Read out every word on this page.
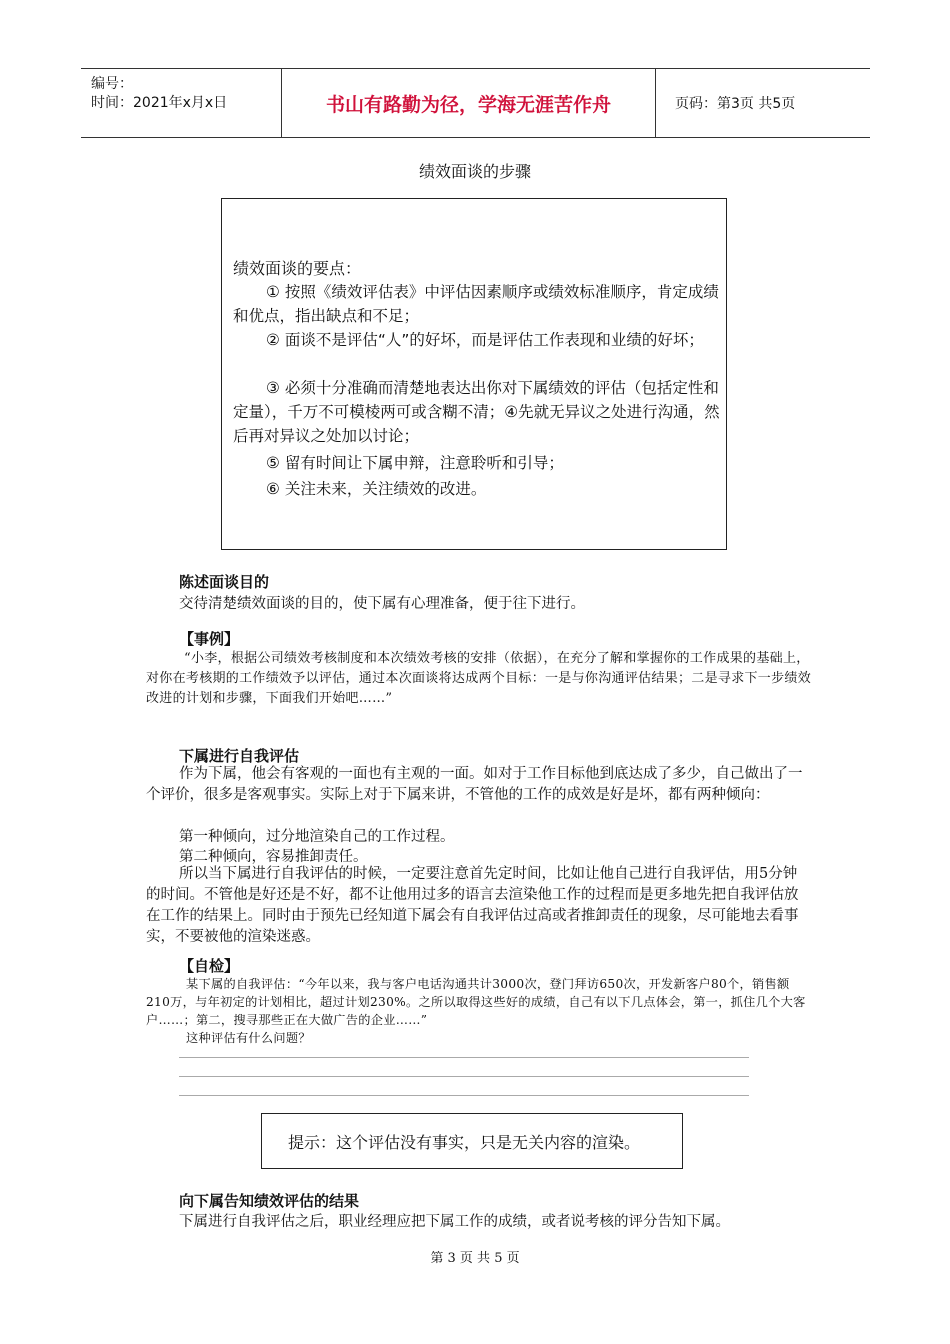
编号：
时间：2021年x月x日	书山有路勤为径，学海无涯苦作舟	页码：第3页 共5页
绩效面谈的步骤
绩效面谈的要点：

① 按照《绩效评估表》中评估因素顺序或绩效标准顺序，肯定成绩和优点，指出缺点和不足；

② 面谈不是评估“人”的好坏，而是评估工作表现和业绩的好坏；

③ 必须十分准确而清楚地表达出你对下属绩效的评估（包括定性和定量），千万不可模棱两可或含糊不清；④先就无异议之处进行沟通，然后再对异议之处加以讨论；

⑤ 留有时间让下属申辩，注意聆听和引导；

⑥ 关注未来，关注绩效的改进。

陈述面谈目的
交待清楚绩效面谈的目的，使下属有心理准备，便于往下进行。
【事例】

“小李，根据公司绩效考核制度和本次绩效考核的安排（依据），在充分了解和掌握你的工作成果的基础上，对你在考核期的工作绩效予以评估，通过本次面谈将达成两个目标：一是与你沟通评估结果；二是寻求下一步绩效改进的计划和步骤，下面我们开始吧……”

下属进行自我评估

作为下属，他会有客观的一面也有主观的一面。如对于工作目标他到底达成了多少，自己做出了一个评价，很多是客观事实。实际上对于下属来讲，不管他的工作的成效是好是坏，都有两种倾向：

第一种倾向，过分地渲染自己的工作过程。
第二种倾向，容易推卸责任。

所以当下属进行自我评估的时候，一定要注意首先定时间，比如让他自己进行自我评估，用5分钟的时间。不管他是好还是不好，都不让他用过多的语言去渲染他工作的过程而是更多地先把自我评估放在工作的结果上。同时由于预先已经知道下属会有自我评估过高或者推卸责任的现象，尽可能地去看事实，不要被他的渲染迷惑。

【自检】

某下属的自我评估：“今年以来，我与客户电话沟通共计3000次，登门拜访650次，开发新客户80个，销售额210万，与年初定的计划相比，超过计划230%。之所以取得这些好的成绩，自己有以下几点体会，第一，抓住几个大客户……；第二，搜寻那些正在大做广告的企业……”

这种评估有什么问题？
提示：这个评估没有事实，只是无关内容的渲染。
向下属告知绩效评估的结果
下属进行自我评估之后，职业经理应把下属工作的成绩，或者说考核的评分告知下属。
第 3 页 共 5 页
